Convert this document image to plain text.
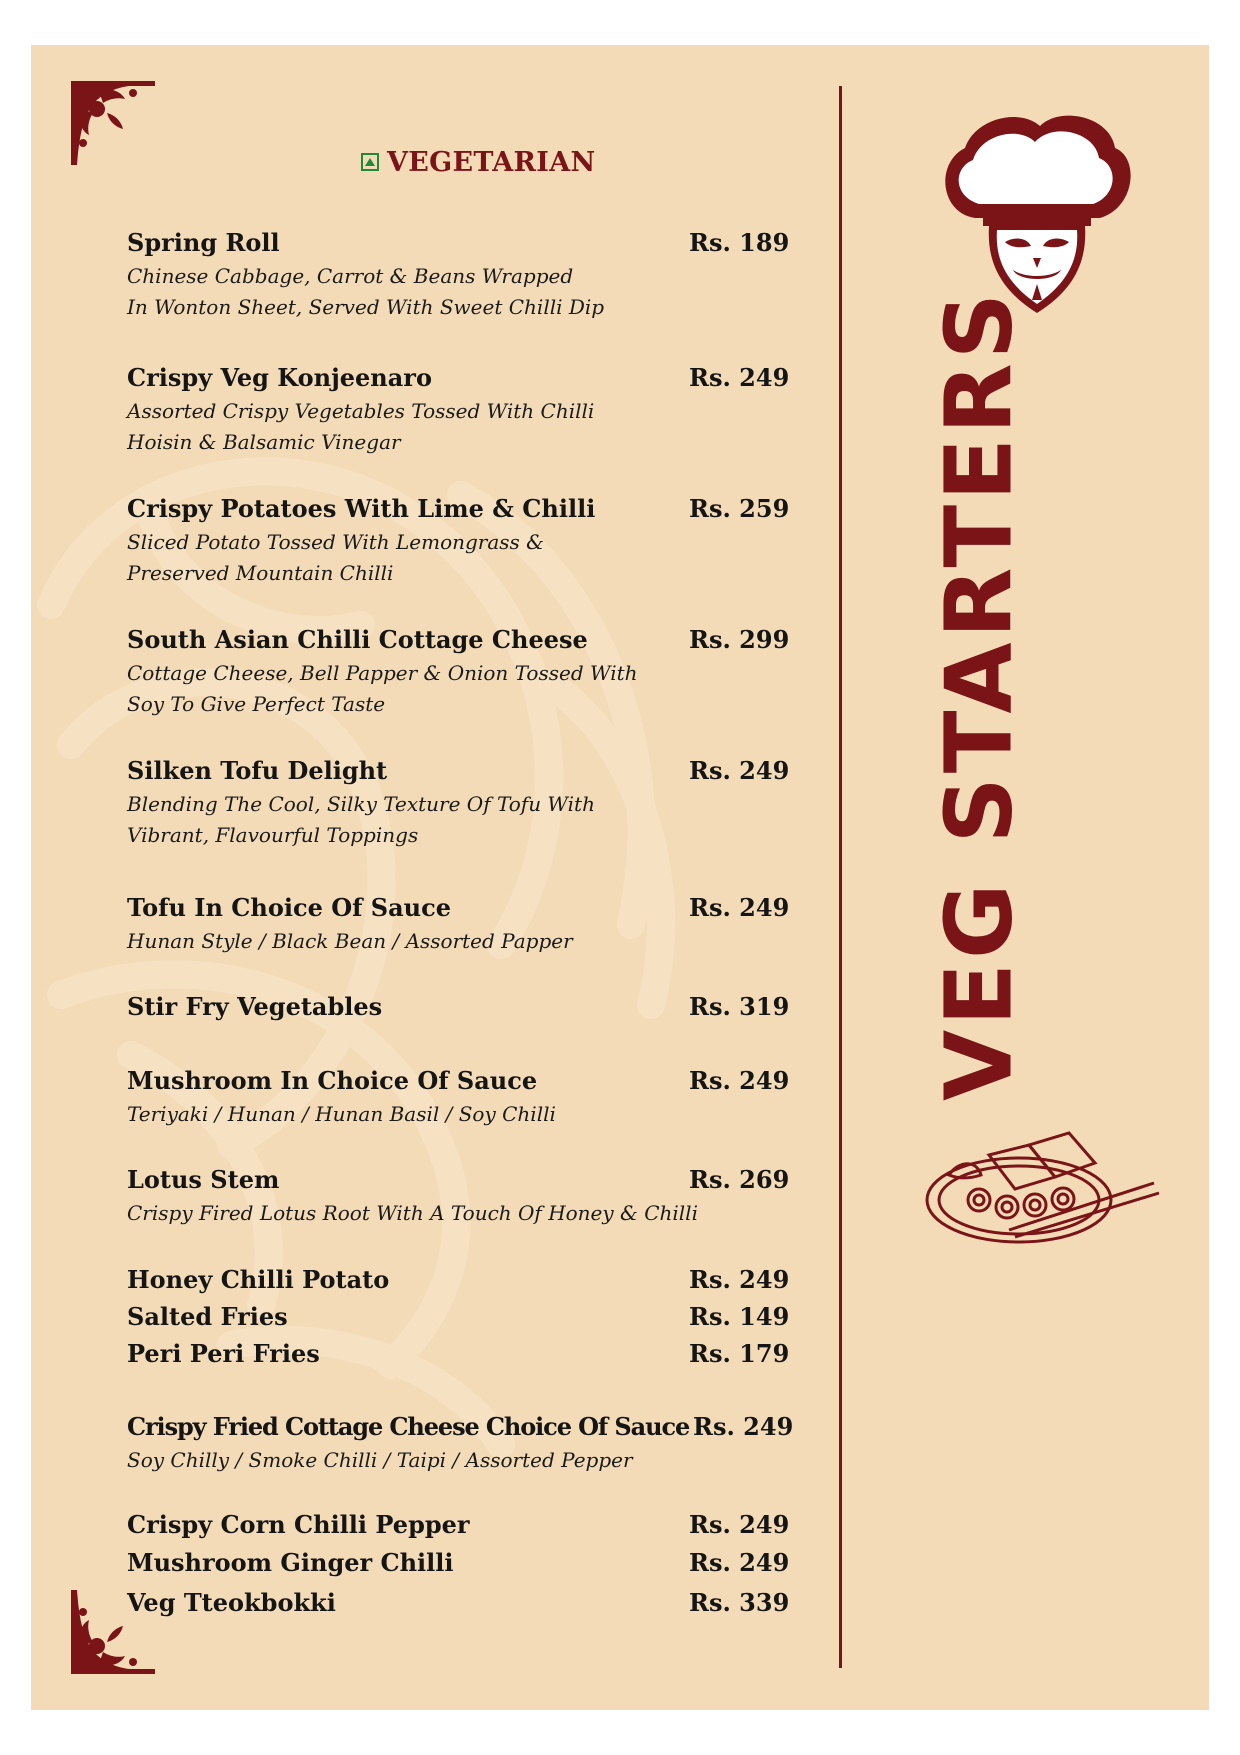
VEGETARIAN
Spring Roll	Rs. 189
Chinese Cabbage, Carrot & Beans Wrapped
In Wonton Sheet, Served With Sweet Chilli Dip
Crispy Veg Konjeenaro	Rs. 249
Assorted Crispy Vegetables Tossed With Chilli
Hoisin & Balsamic Vinegar
Crispy Potatoes With Lime & Chilli	Rs. 259
Sliced Potato Tossed With Lemongrass &
Preserved Mountain Chilli
South Asian Chilli Cottage Cheese	Rs. 299
Cottage Cheese, Bell Papper & Onion Tossed With
Soy To Give Perfect Taste
Silken Tofu Delight	Rs. 249
Blending The Cool, Silky Texture Of Tofu With
Vibrant, Flavourful Toppings
Tofu In Choice Of Sauce	Rs. 249
Hunan Style / Black Bean / Assorted Papper
Stir Fry Vegetables	Rs. 319
Mushroom In Choice Of Sauce	Rs. 249
Teriyaki / Hunan / Hunan Basil / Soy Chilli
Lotus Stem	Rs. 269
Crispy Fired Lotus Root With A Touch Of Honey & Chilli
Honey Chilli Potato	Rs. 249
Salted Fries	Rs. 149
Peri Peri Fries	Rs. 179
Crispy Fried Cottage Cheese Choice Of Sauce Rs. 249
Soy Chilly / Smoke Chilli / Taipi / Assorted Pepper
Crispy Corn Chilli Pepper	Rs. 249
Mushroom Ginger Chilli	Rs. 249
Veg Tteokbokki	Rs. 339
VEG STARTERS
